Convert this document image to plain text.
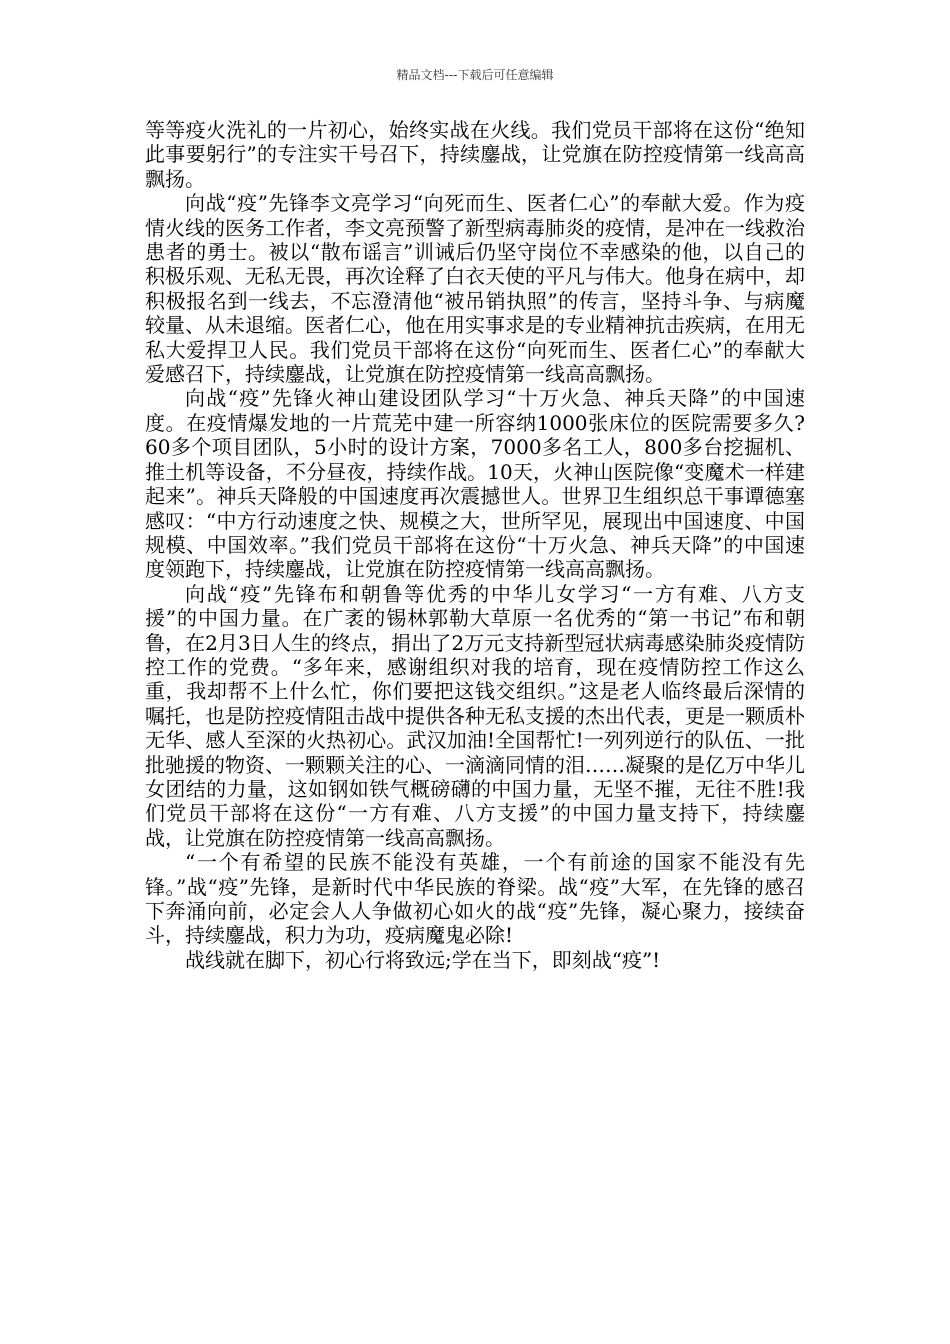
精品文档---下载后可任意编辑

等等疫火洗礼的一片初心，始终实战在火线。我们党员干部将在这份“绝知此事要躬行”的专注实干号召下，持续鏖战，让党旗在防控疫情第一线高高飘扬。

向战“疫”先锋李文亮学习“向死而生、医者仁心”的奉献大爱。作为疫情火线的医务工作者，李文亮预警了新型病毒肺炎的疫情，是冲在一线救治患者的勇士。被以“散布谣言”训诫后仍坚守岗位不幸感染的他，以自己的积极乐观、无私无畏，再次诠释了白衣天使的平凡与伟大。他身在病中，却积极报名到一线去，不忘澄清他“被吊销执照”的传言，坚持斗争、与病魔较量、从未退缩。医者仁心，他在用实事求是的专业精神抗击疾病，在用无私大爱捍卫人民。我们党员干部将在这份“向死而生、医者仁心”的奉献大爱感召下，持续鏖战，让党旗在防控疫情第一线高高飘扬。

向战“疫”先锋火神山建设团队学习“十万火急、神兵天降”的中国速度。在疫情爆发地的一片荒芜中建一所容纳1000张床位的医院需要多久?60多个项目团队，5小时的设计方案，7000多名工人，800多台挖掘机、推土机等设备，不分昼夜，持续作战。10天，火神山医院像“变魔术一样建起来”。神兵天降般的中国速度再次震撼世人。世界卫生组织总干事谭德塞感叹：“中方行动速度之快、规模之大，世所罕见，展现出中国速度、中国规模、中国效率。”我们党员干部将在这份“十万火急、神兵天降”的中国速度领跑下，持续鏖战，让党旗在防控疫情第一线高高飘扬。

向战“疫”先锋布和朝鲁等优秀的中华儿女学习“一方有难、八方支援”的中国力量。在广袤的锡林郭勒大草原一名优秀的“第一书记”布和朝鲁，在2月3日人生的终点，捐出了2万元支持新型冠状病毒感染肺炎疫情防控工作的党费。“多年来，感谢组织对我的培育，现在疫情防控工作这么重，我却帮不上什么忙，你们要把这钱交组织。”这是老人临终最后深情的嘱托，也是防控疫情阻击战中提供各种无私支援的杰出代表，更是一颗质朴无华、感人至深的火热初心。武汉加油!全国帮忙!一列列逆行的队伍、一批批驰援的物资、一颗颗关注的心、一滴滴同情的泪……凝聚的是亿万中华儿女团结的力量，这如钢如铁气概磅礴的中国力量，无坚不摧，无往不胜!我们党员干部将在这份“一方有难、八方支援”的中国力量支持下，持续鏖战，让党旗在防控疫情第一线高高飘扬。

“一个有希望的民族不能没有英雄，一个有前途的国家不能没有先锋。”战“疫”先锋，是新时代中华民族的脊梁。战“疫”大军，在先锋的感召下奔涌向前，必定会人人争做初心如火的战“疫”先锋，凝心聚力，接续奋斗，持续鏖战，积力为功，疫病魔鬼必除!

战线就在脚下，初心行将致远;学在当下，即刻战“疫”!
